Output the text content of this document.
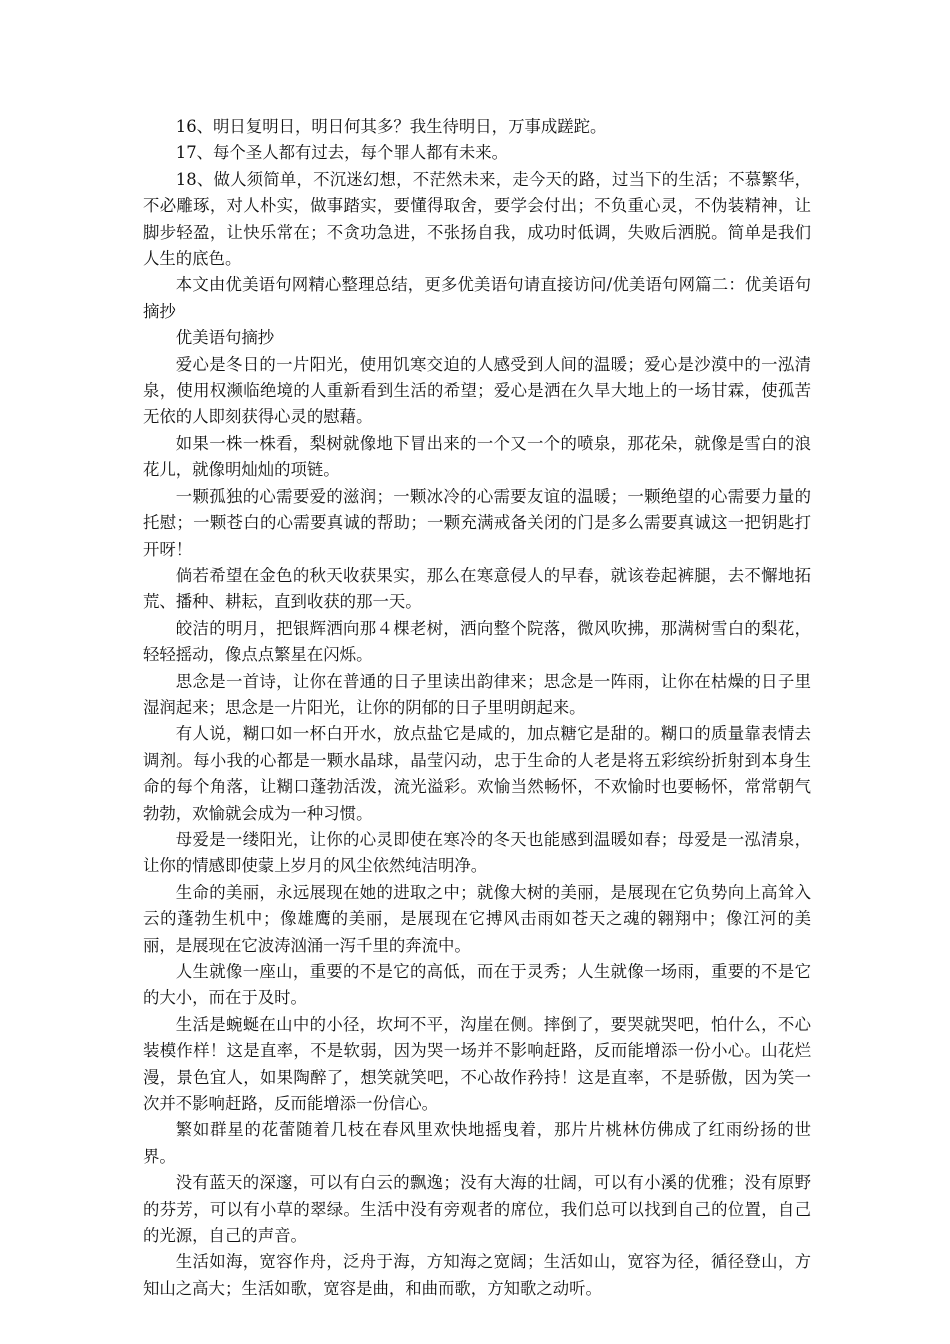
16、明日复明日，明日何其多？我生待明日，万事成蹉跎。

17、每个圣人都有过去，每个罪人都有未来。

18、做人须简单，不沉迷幻想，不茫然未来，走今天的路，过当下的生活；不慕繁华，不必雕琢，对人朴实，做事踏实，要懂得取舍，要学会付出；不负重心灵，不伪装精神，让脚步轻盈，让快乐常在；不贪功急进，不张扬自我，成功时低调，失败后洒脱。简单是我们人生的底色。

本文由优美语句网精心整理总结，更多优美语句请直接访问/优美语句网篇二：优美语句摘抄

优美语句摘抄

爱心是冬日的一片阳光，使用饥寒交迫的人感受到人间的温暖；爱心是沙漠中的一泓清泉，使用权濒临绝境的人重新看到生活的希望；爱心是洒在久旱大地上的一场甘霖，使孤苦无依的人即刻获得心灵的慰藉。

如果一株一株看，梨树就像地下冒出来的一个又一个的喷泉，那花朵，就像是雪白的浪花儿，就像明灿灿的项链。

一颗孤独的心需要爱的滋润；一颗冰冷的心需要友谊的温暖；一颗绝望的心需要力量的托慰；一颗苍白的心需要真诚的帮助；一颗充满戒备关闭的门是多么需要真诚这一把钥匙打开呀！

倘若希望在金色的秋天收获果实，那么在寒意侵人的早春，就该卷起裤腿，去不懈地拓荒、播种、耕耘，直到收获的那一天。

皎洁的明月，把银辉洒向那４棵老树，洒向整个院落，微风吹拂，那满树雪白的梨花，轻轻摇动，像点点繁星在闪烁。

思念是一首诗，让你在普通的日子里读出韵律来；思念是一阵雨，让你在枯燥的日子里湿润起来；思念是一片阳光，让你的阴郁的日子里明朗起来。

有人说，糊口如一杯白开水，放点盐它是咸的，加点糖它是甜的。糊口的质量靠表情去调剂。每小我的心都是一颗水晶球，晶莹闪动，忠于生命的人老是将五彩缤纷折射到本身生命的每个角落，让糊口蓬勃活泼，流光溢彩。欢愉当然畅怀，不欢愉时也要畅怀，常常朝气勃勃，欢愉就会成为一种习惯。

母爱是一缕阳光，让你的心灵即使在寒冷的冬天也能感到温暖如春；母爱是一泓清泉，让你的情感即使蒙上岁月的风尘依然纯洁明净。

生命的美丽，永远展现在她的进取之中；就像大树的美丽，是展现在它负势向上高耸入云的蓬勃生机中；像雄鹰的美丽，是展现在它搏风击雨如苍天之魂的翱翔中；像江河的美丽，是展现在它波涛汹涌一泻千里的奔流中。

人生就像一座山，重要的不是它的高低，而在于灵秀；人生就像一场雨，重要的不是它的大小，而在于及时。

生活是蜿蜒在山中的小径，坎坷不平，沟崖在侧。摔倒了，要哭就哭吧，怕什么，不心装模作样！这是直率，不是软弱，因为哭一场并不影响赶路，反而能增添一份小心。山花烂漫，景色宜人，如果陶醉了，想笑就笑吧，不心故作矜持！这是直率，不是骄傲，因为笑一次并不影响赶路，反而能增添一份信心。

繁如群星的花蕾随着几枝在春风里欢快地摇曳着，那片片桃林仿佛成了红雨纷扬的世界。

没有蓝天的深邃，可以有白云的飘逸；没有大海的壮阔，可以有小溪的优雅；没有原野的芬芳，可以有小草的翠绿。生活中没有旁观者的席位，我们总可以找到自己的位置，自己的光源，自己的声音。

生活如海，宽容作舟，泛舟于海，方知海之宽阔；生活如山，宽容为径，循径登山，方知山之高大；生活如歌，宽容是曲，和曲而歌，方知歌之动听。
